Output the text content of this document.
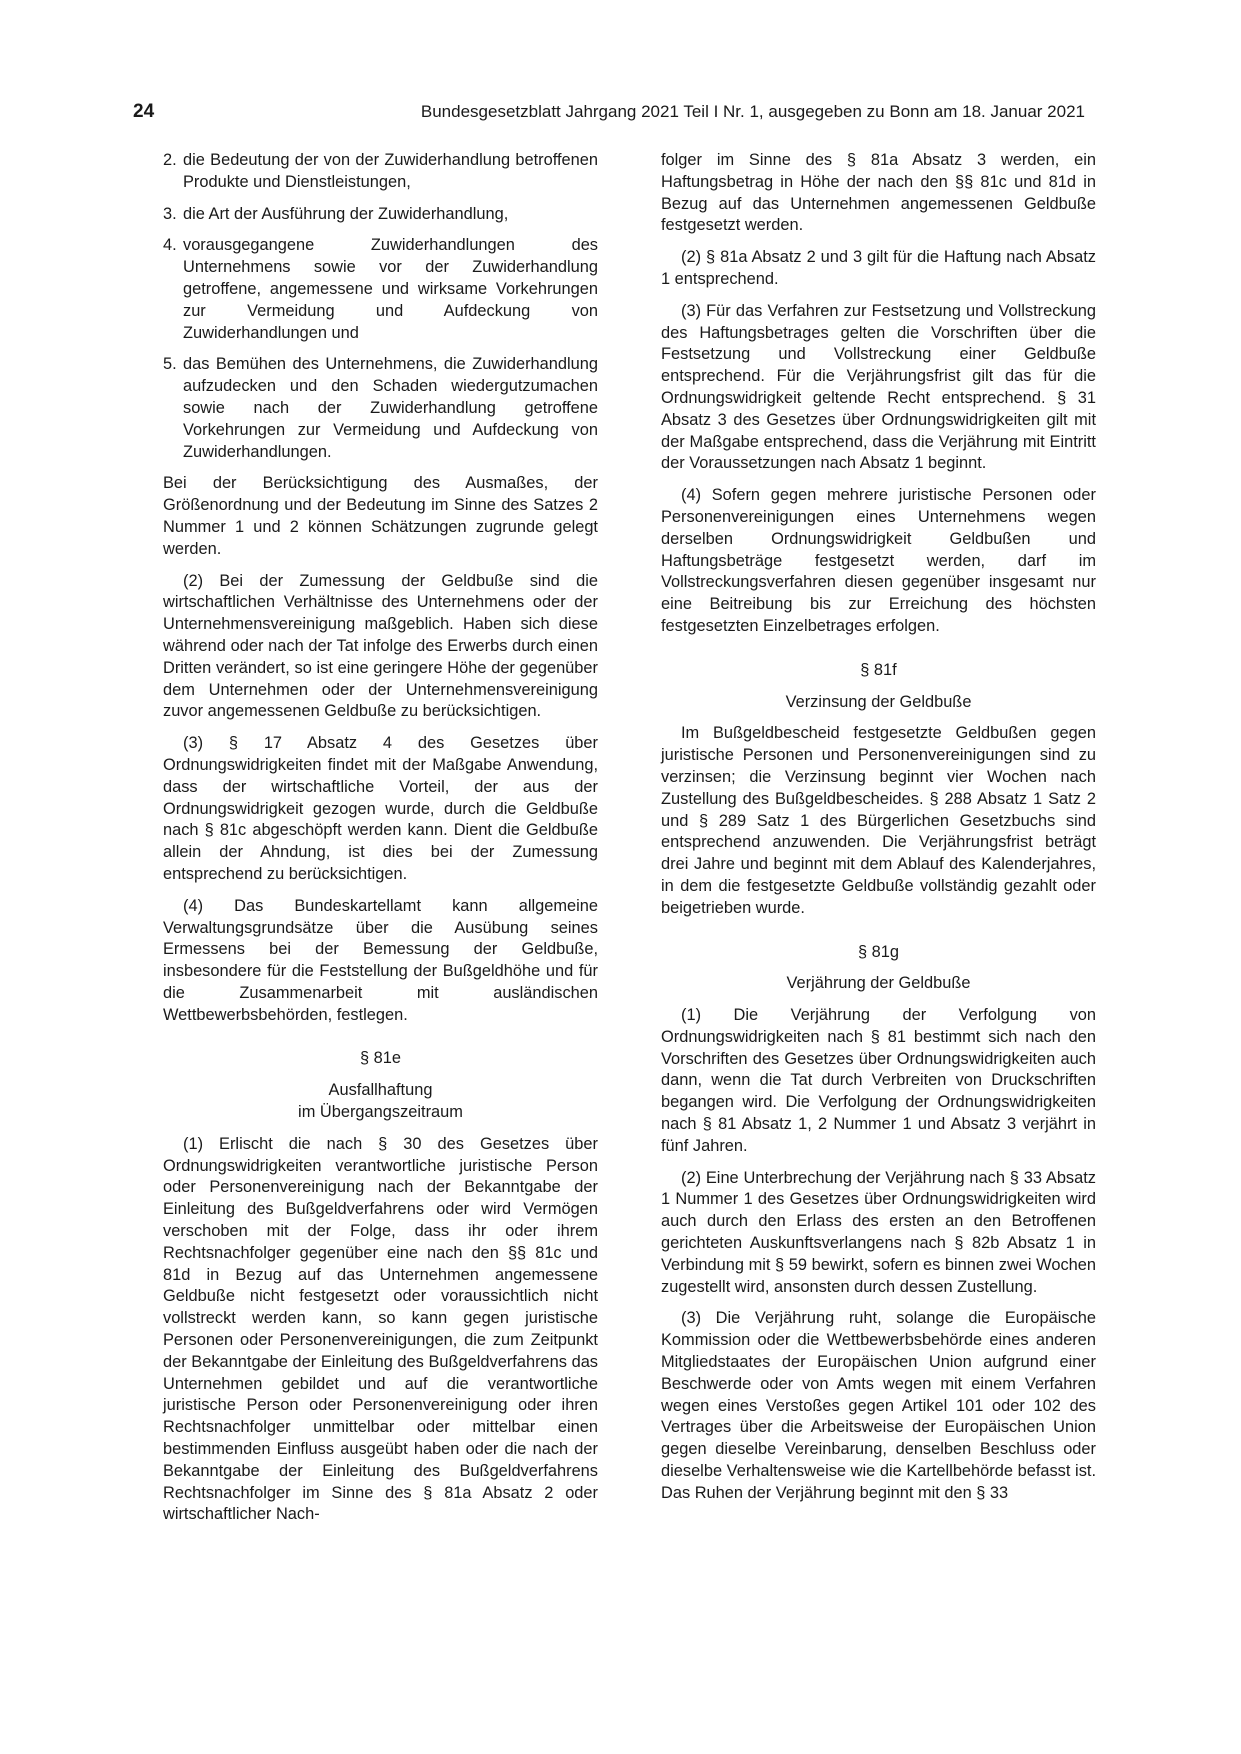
24	Bundesgesetzblatt Jahrgang 2021 Teil I Nr. 1, ausgegeben zu Bonn am 18. Januar 2021
2. die Bedeutung der von der Zuwiderhandlung betroffenen Produkte und Dienstleistungen,
3. die Art der Ausführung der Zuwiderhandlung,
4. vorausgegangene Zuwiderhandlungen des Unternehmens sowie vor der Zuwiderhandlung getroffene, angemessene und wirksame Vorkehrungen zur Vermeidung und Aufdeckung von Zuwiderhandlungen und
5. das Bemühen des Unternehmens, die Zuwiderhandlung aufzudecken und den Schaden wiedergutzumachen sowie nach der Zuwiderhandlung getroffene Vorkehrungen zur Vermeidung und Aufdeckung von Zuwiderhandlungen.

Bei der Berücksichtigung des Ausmaßes, der Größenordnung und der Bedeutung im Sinne des Satzes 2 Nummer 1 und 2 können Schätzungen zugrunde gelegt werden.

(2) Bei der Zumessung der Geldbuße sind die wirtschaftlichen Verhältnisse des Unternehmens oder der Unternehmensvereinigung maßgeblich. Haben sich diese während oder nach der Tat infolge des Erwerbs durch einen Dritten verändert, so ist eine geringere Höhe der gegenüber dem Unternehmen oder der Unternehmensvereinigung zuvor angemessenen Geldbuße zu berücksichtigen.

(3) § 17 Absatz 4 des Gesetzes über Ordnungswidrigkeiten findet mit der Maßgabe Anwendung, dass der wirtschaftliche Vorteil, der aus der Ordnungswidrigkeit gezogen wurde, durch die Geldbuße nach § 81c abgeschöpft werden kann. Dient die Geldbuße allein der Ahndung, ist dies bei der Zumessung entsprechend zu berücksichtigen.

(4) Das Bundeskartellamt kann allgemeine Verwaltungsgrundsätze über die Ausübung seines Ermessens bei der Bemessung der Geldbuße, insbesondere für die Feststellung der Bußgeldhöhe und für die Zusammenarbeit mit ausländischen Wettbewerbsbehörden, festlegen.

§ 81e
Ausfallhaftung
im Übergangszeitraum

(1) Erlischt die nach § 30 des Gesetzes über Ordnungswidrigkeiten verantwortliche juristische Person oder Personenvereinigung nach der Bekanntgabe der Einleitung des Bußgeldverfahrens oder wird Vermögen verschoben mit der Folge, dass ihr oder ihrem Rechtsnachfolger gegenüber eine nach den §§ 81c und 81d in Bezug auf das Unternehmen angemessene Geldbuße nicht festgesetzt oder voraussichtlich nicht vollstreckt werden kann, so kann gegen juristische Personen oder Personenvereinigungen, die zum Zeitpunkt der Bekanntgabe der Einleitung des Bußgeldverfahrens das Unternehmen gebildet und auf die verantwortliche juristische Person oder Personenvereinigung oder ihren Rechtsnachfolger unmittelbar oder mittelbar einen bestimmenden Einfluss ausgeübt haben oder die nach der Bekanntgabe der Einleitung des Bußgeldverfahrens Rechtsnachfolger im Sinne des § 81a Absatz 2 oder wirtschaftlicher Nach-

folger im Sinne des § 81a Absatz 3 werden, ein Haftungsbetrag in Höhe der nach den §§ 81c und 81d in Bezug auf das Unternehmen angemessenen Geldbuße festgesetzt werden.

(2) § 81a Absatz 2 und 3 gilt für die Haftung nach Absatz 1 entsprechend.

(3) Für das Verfahren zur Festsetzung und Vollstreckung des Haftungsbetrages gelten die Vorschriften über die Festsetzung und Vollstreckung einer Geldbuße entsprechend. Für die Verjährungsfrist gilt das für die Ordnungswidrigkeit geltende Recht entsprechend. § 31 Absatz 3 des Gesetzes über Ordnungswidrigkeiten gilt mit der Maßgabe entsprechend, dass die Verjährung mit Eintritt der Voraussetzungen nach Absatz 1 beginnt.

(4) Sofern gegen mehrere juristische Personen oder Personenvereinigungen eines Unternehmens wegen derselben Ordnungswidrigkeit Geldbußen und Haftungsbeträge festgesetzt werden, darf im Vollstreckungsverfahren diesen gegenüber insgesamt nur eine Beitreibung bis zur Erreichung des höchsten festgesetzten Einzelbetrages erfolgen.

§ 81f
Verzinsung der Geldbuße

Im Bußgeldbescheid festgesetzte Geldbußen gegen juristische Personen und Personenvereinigungen sind zu verzinsen; die Verzinsung beginnt vier Wochen nach Zustellung des Bußgeldbescheides. § 288 Absatz 1 Satz 2 und § 289 Satz 1 des Bürgerlichen Gesetzbuchs sind entsprechend anzuwenden. Die Verjährungsfrist beträgt drei Jahre und beginnt mit dem Ablauf des Kalenderjahres, in dem die festgesetzte Geldbuße vollständig gezahlt oder beigetrieben wurde.

§ 81g
Verjährung der Geldbuße

(1) Die Verjährung der Verfolgung von Ordnungswidrigkeiten nach § 81 bestimmt sich nach den Vorschriften des Gesetzes über Ordnungswidrigkeiten auch dann, wenn die Tat durch Verbreiten von Druckschriften begangen wird. Die Verfolgung der Ordnungswidrigkeiten nach § 81 Absatz 1, 2 Nummer 1 und Absatz 3 verjährt in fünf Jahren.

(2) Eine Unterbrechung der Verjährung nach § 33 Absatz 1 Nummer 1 des Gesetzes über Ordnungswidrigkeiten wird auch durch den Erlass des ersten an den Betroffenen gerichteten Auskunftsverlangens nach § 82b Absatz 1 in Verbindung mit § 59 bewirkt, sofern es binnen zwei Wochen zugestellt wird, ansonsten durch dessen Zustellung.

(3) Die Verjährung ruht, solange die Europäische Kommission oder die Wettbewerbsbehörde eines anderen Mitgliedstaates der Europäischen Union aufgrund einer Beschwerde oder von Amts wegen mit einem Verfahren wegen eines Verstoßes gegen Artikel 101 oder 102 des Vertrages über die Arbeitsweise der Europäischen Union gegen dieselbe Vereinbarung, denselben Beschluss oder dieselbe Verhaltensweise wie die Kartellbehörde befasst ist. Das Ruhen der Verjährung beginnt mit den § 33
